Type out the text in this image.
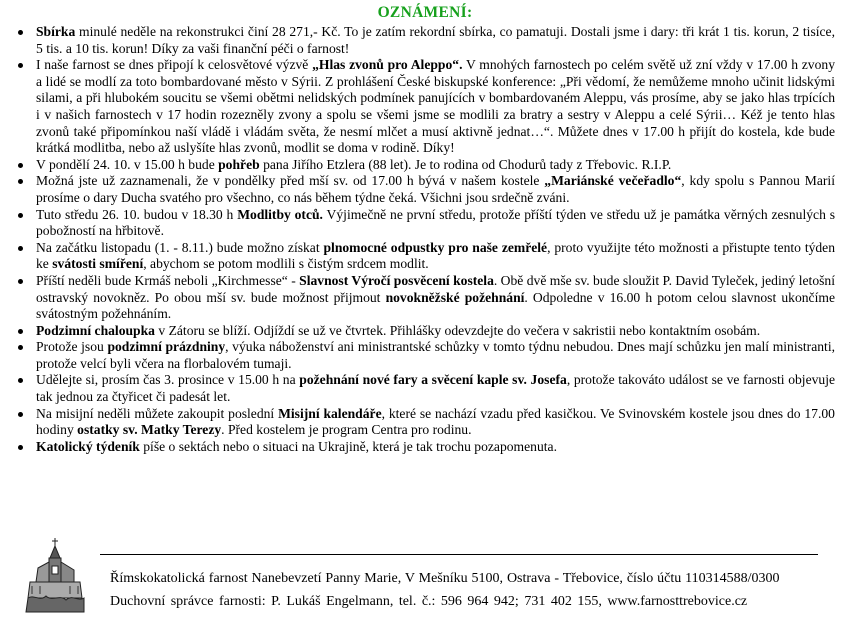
OZNÁMENÍ:
Sbírka minulé neděle na rekonstrukci činí 28 271,- Kč. To je zatím rekordní sbírka, co pamatuji. Dostali jsme i dary: tři krát 1 tis. korun, 2 tisíce, 5 tis. a 10 tis. korun! Díky za vaši finanční péči o farnost!
I naše farnost se dnes připojí k celosvětové výzvě „Hlas zvonů pro Aleppo“. V mnohých farnostech po celém světě už zní vždy v 17.00 h zvony a lidé se modlí za toto bombardované město v Sýrii. Z prohlášení České biskupské konference: „Při vědomí, že nemůžeme mnoho učinit lidskými silami, a při hlubokém soucitu se všemi obětmi nelidských podmínek panujících v bombardovaném Aleppu, vás prosíme, aby se jako hlas trpících i v našich farnostech v 17 hodin rozezněly zvony a spolu se všemi jsme se modlili za bratry a sestry v Aleppu a celé Sýrii… Kéž je tento hlas zvonů také připomínkou naší vládě i vládám světa, že nesmí mlčet a musí aktivně jednat…“. Můžete dnes v 17.00 h přijít do kostela, kde bude krátká modlitba, nebo až uslyšíte hlas zvonů, modlit se doma v rodině. Díky!
V pondělí 24. 10. v 15.00 h bude pohřeb pana Jiřího Etzlera (88 let). Je to rodina od Chodurů tady z Třebovic. R.I.P.
Možná jste už zaznamenali, že v pondělky před mší sv. od 17.00 h bývá v našem kostele „Mariánské večeřadlo“, kdy spolu s Pannou Marií prosíme o dary Ducha svatého pro všechno, co nás během týdne čeká. Všichni jsou srdečně zváni.
Tuto středu 26. 10. budou v 18.30 h Modlitby otců. Výjimečně ne první středu, protože příští týden ve středu už je památka věrných zesnulých s pobožností na hřbitově.
Na začátku listopadu (1. - 8.11.) bude možno získat plnomocné odpustky pro naše zemřelé, proto využijte této možnosti a přistupte tento týden ke svátosti smíření, abychom se potom modlili s čistým srdcem modlit.
Příští neděli bude Krmáš neboli „Kirchmesse“ - Slavnost Výročí posvěcení kostela. Obě dvě mše sv. bude sloužit P. David Tyleček, jediný letošní ostravský novokněz. Po obou mší sv. bude možnost přijmout novokněžské požehnání. Odpoledne v 16.00 h potom celou slavnost ukončíme svátostným požehnáním.
Podzimní chaloupka v Zátoru se blíží. Odjíždí se už ve čtvrtek. Přihlášky odevzdejte do večera v sakristii nebo kontaktním osobám.
Protože jsou podzimní prázdniny, výuka náboženství ani ministrantské schůzky v tomto týdnu nebudou. Dnes mají schůzku jen malí ministranti, protože velcí byli včera na florbalovém tumaji.
Udělejte si, prosím čas 3. prosince v 15.00 h na požehnání nové fary a svěcení kaple sv. Josefa, protože takováto událost se ve farnosti objevuje tak jednou za čtyřicet či padesát let.
Na misijní neděli můžete zakoupit poslední Misijní kalendáře, které se nachází vzadu před kasičkou. Ve Svinovském kostele jsou dnes do 17.00 hodiny ostatky sv. Matky Terezy. Před kostelem je program Centra pro rodinu.
Katolický týdeník píše o sektách nebo o situaci na Ukrajině, která je tak trochu pozapomenuta.
Římskokatolická farnost Nanebevzetí Panny Marie, V Mešníku 5100, Ostrava - Třebovice, číslo účtu 110314588/0300
Duchovní správce farnosti: P. Lukáš Engelmann, tel. č.: 596 964 942; 731 402 155, www.farnosttrebovice.cz
